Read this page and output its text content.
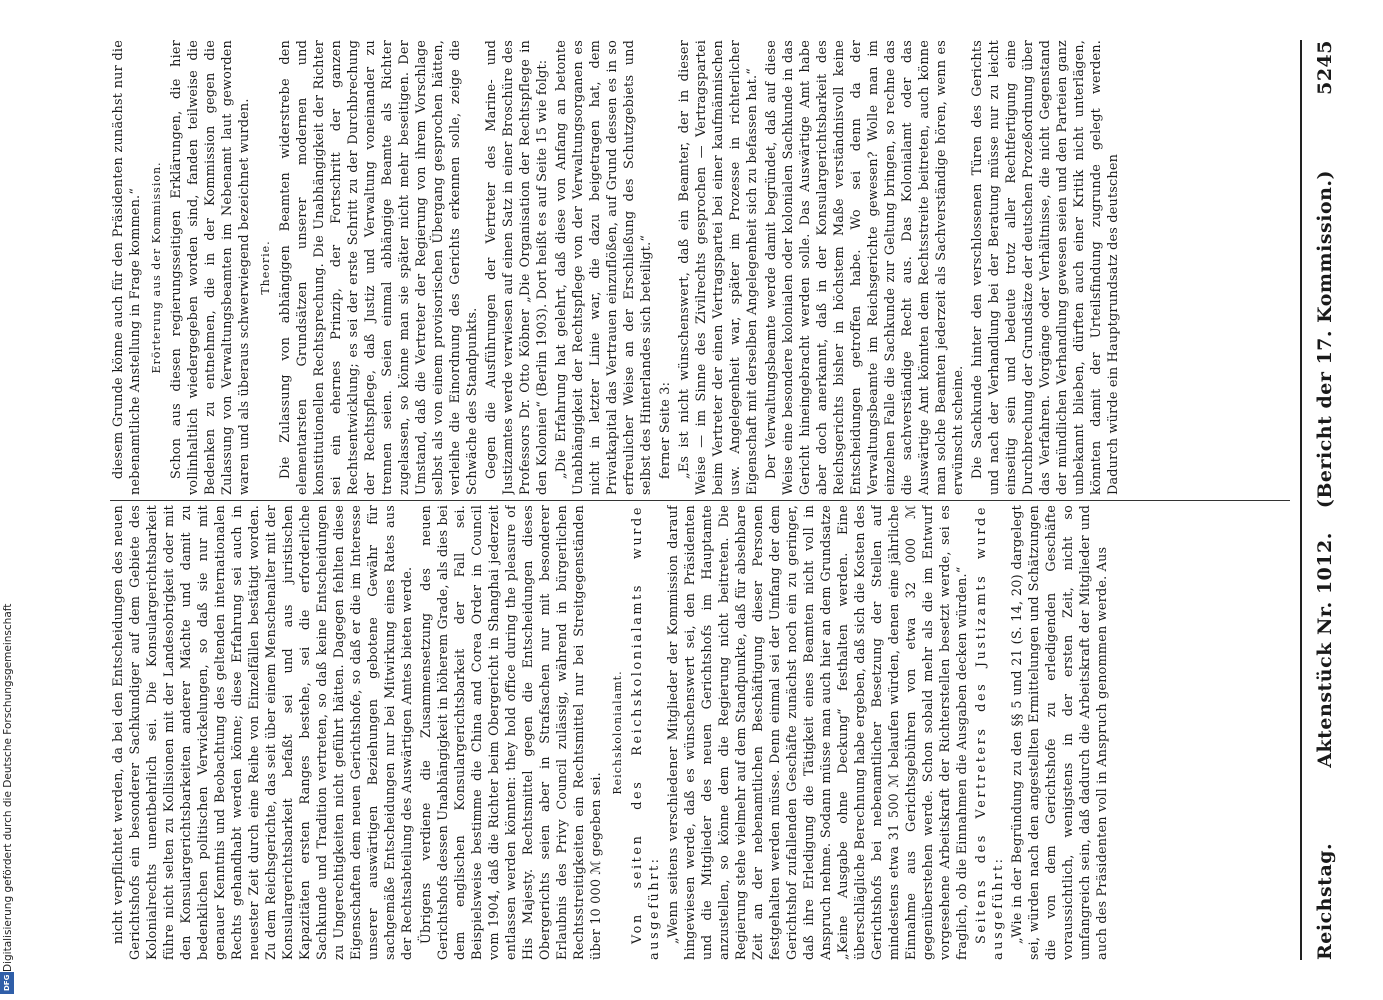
Digitalisierung gefördert durch die Deutsche Forschungsgemeinschaft
DFG
Reichstag.
Aktenstück Nr. 1012.
(Bericht der 17. Kommission.)
5245

nicht verpflichtet werden, da bei den Entscheidungen des neuen Gerichtshofs ein besonderer Sachkundiger auf dem Gebiete des Kolonialrechts unentbehrlich sei. Die Konsulargerichtsbarkeit führe nicht selten zu Kollisionen mit der Landesobrigkeit oder mit den Konsulargerichtsbarkeiten anderer Mächte und damit zu bedenklichen politischen Verwickelungen, so daß sie nur mit genauer Kenntnis und Beobachtung des geltenden internationalen Rechts gehandhabt werden könne; diese Erfahrung sei auch in neuester Zeit durch eine Reihe von Einzelfällen bestätigt worden. Zu dem Reichsgerichte, das seit über einem Menschenalter mit der Konsulargerichtsbarkeit befaßt sei und aus juristischen Kapazitäten ersten Ranges bestehe, sei die erforderliche Sachkunde und Tradition vertreten, so daß keine Entscheidungen zu Ungerechtigkeiten nicht geführt hätten. Dagegen fehlten diese Eigenschaften dem neuen Gerichtshofe, so daß er die im Interesse unserer auswärtigen Beziehungen gebotene Gewähr für sachgemäße Entscheidungen nur bei Mitwirkung eines Rates aus der Rechtsabteilung des Auswärtigen Amtes bieten werde. Übrigens verdiene die Zusammensetzung des neuen Gerichtshofs dessen Unabhängigkeit in höherem Grade, als dies bei dem englischen Konsulargerichtsbarkeit der Fall sei. Beispielsweise bestimme die China and Corea Order in Council vom 1904, daß die Richter beim Obergericht in Shanghai jederzeit entlassen werden könnten: they hold office during the pleasure of His Majesty. Rechtsmittel gegen die Entscheidungen dieses Obergerichts seien aber in Strafsachen nur mit besonderer Erlaubnis des Privy Council zulässig, während in bürgerlichen Rechtsstreitigkeiten ein Rechtsmittel nur bei Streitgegenständen über 10 000 ℳ gegeben sei.

Reichskolonialamt. Von seiten des Reichskolonialamts wurde ausgeführt: „Wenn seitens verschiedener Mitglieder der Kommission darauf hingewiesen werde, daß es wünschenswert sei, den Präsidenten und die Mitglieder des neuen Gerichtshofs im Hauptamte anzustellen, so könne dem die Regierung nicht beitreten. Die Regierung stehe vielmehr auf dem Standpunkte, daß für absehbare Zeit an der nebenamtlichen Beschäftigung dieser Personen festgehalten werden müsse. Denn einmal sei der Umfang der dem Gerichtshof zufallenden Geschäfte zunächst noch ein zu geringer, daß ihre Erledigung die Tätigkeit eines Beamten nicht voll in Anspruch nehme. Sodann müsse man auch hier an dem Grundsatze „Keine Ausgabe ohne Deckung“ festhalten werden. Eine überschlägliche Berechnung habe ergeben, daß sich die Kosten des Gerichtshofs bei nebenamtlicher Besetzung der Stellen auf mindestens etwa 31 500 ℳ belaufen würden, denen eine jährliche Einnahme aus Gerichtsgebühren von etwa 32 000 ℳ gegenüberstehen werde. Schon sobald mehr als die im Entwurf vorgesehene Arbeitskraft der Richterstellen besetzt werde, sei es fraglich, ob die Einnahmen die Ausgaben decken würden.“ Seitens des Vertreters des Justizamts wurde ausgeführt: „Wie in der Begründung zu den §§ 5 und 21 (S. 14, 20) dargelegt sei, würden nach den angestellten Ermittelungen und Schätzungen die von dem Gerichtshofe zu erledigenden Geschäfte voraussichtlich, wenigstens in der ersten Zeit, nicht so umfangreich sein, daß dadurch die Arbeitskraft der Mitglieder und auch des Präsidenten voll in Anspruch genommen werde. Aus

diesem Grunde könne auch für den Präsidenten zunächst nur die nebenamtliche Anstellung in Frage kommen.“ Erörterung aus der Kommission. Schon aus diesen regierungsseitigen Erklärungen, die hier vollinhaltlich wiedergegeben worden sind, fanden teilweise die Bedenken zu entnehmen, die in der Kommission gegen die Zulassung von Verwaltungsbeamten im Nebenamt laut geworden waren und als überaus schwerwiegend bezeichnet wurden. Theorie. Die Zulassung von abhängigen Beamten widerstrebe den elementarsten Grundsätzen unserer modernen und konstitutionellen Rechtsprechung. Die Unabhängigkeit der Richter sei ein ehernes Prinzip, der Fortschritt der ganzen Rechtsentwicklung; es sei der erste Schritt zu der Durchbrechung der Rechtspflege, daß Justiz und Verwaltung voneinander zu trennen seien. Seien einmal abhängige Beamte als Richter zugelassen, so könne man sie später nicht mehr beseitigen. Der Umstand, daß die Vertreter der Regierung von ihrem Vorschlage selbst als von einem provisorischen Übergang gesprochen hätten, verleihe die Einordnung des Gerichts erkennen solle, zeige die Schwäche des Standpunkts. Gegen die Ausführungen der Vertreter des Marine- und Justizamtes werde verwiesen auf einen Satz in einer Broschüre des Professors Dr. Otto Köbner „Die Organisation der Rechtspflege in den Kolonien“ (Berlin 1903). Dort heißt es auf Seite 15 wie folgt: „Die Erfahrung hat gelehrt, daß diese von Anfang an betonte Unabhängigkeit der Rechtspflege von der Verwaltungsorganen es nicht in letzter Linie war, die dazu beigetragen hat, dem Privatkapital das Vertrauen einzuflößen, auf Grund dessen es in so erfreulicher Weise an der Erschließung des Schutzgebiets und selbst des Hinterlandes sich beteiligt.“ ferner Seite 3: „Es ist nicht wünschenswert, daß ein Beamter, der in dieser Weise — im Sinne des Zivilrechts gesprochen — Vertragspartei beim Vertreter der einen Vertragspartei bei einer kaufmännischen usw. Angelegenheit war, später im Prozesse in richterlicher Eigenschaft mit derselben Angelegenheit sich zu befassen hat.“ Der Verwaltungsbeamte werde damit begründet, daß auf diese Weise eine besondere kolonialen oder kolonialen Sachkunde in das Gericht hineingebracht werden solle. Das Auswärtige Amt habe aber doch anerkannt, daß in der Konsulargerichtsbarkeit des Reichsgerichts bisher in höchstem Maße verständnisvoll keine Entscheidungen getroffen habe. Wo sei denn da der Verwaltungsbeamte im Reichsgerichte gewesen? Wolle man im einzelnen Falle die Sachkunde zur Geltung bringen, so rechne das die sachverständige Recht aus. Das Kolonialamt oder das Auswärtige Amt könnten dem Rechtsstreite beitreten, auch könne man solche Beamten jederzeit als Sachverständige hören, wenn es erwünscht scheine. Die Sachkunde hinter den verschlossenen Türen des Gerichts und nach der Verhandlung bei der Beratung müsse nur zu leicht einseitig sein und bedeute trotz aller Rechtfertigung eine Durchbrechung der Grundsätze der deutschen Prozeßordnung über das Verfahren. Vorgänge oder Verhältnisse, die nicht Gegenstand der mündlichen Verhandlung gewesen seien und den Parteien ganz unbekannt blieben, dürften auch einer Kritik nicht unterlägen, könnten damit der Urteilsfindung zugrunde gelegt werden. Dadurch würde ein Hauptgrundsatz des deutschen
